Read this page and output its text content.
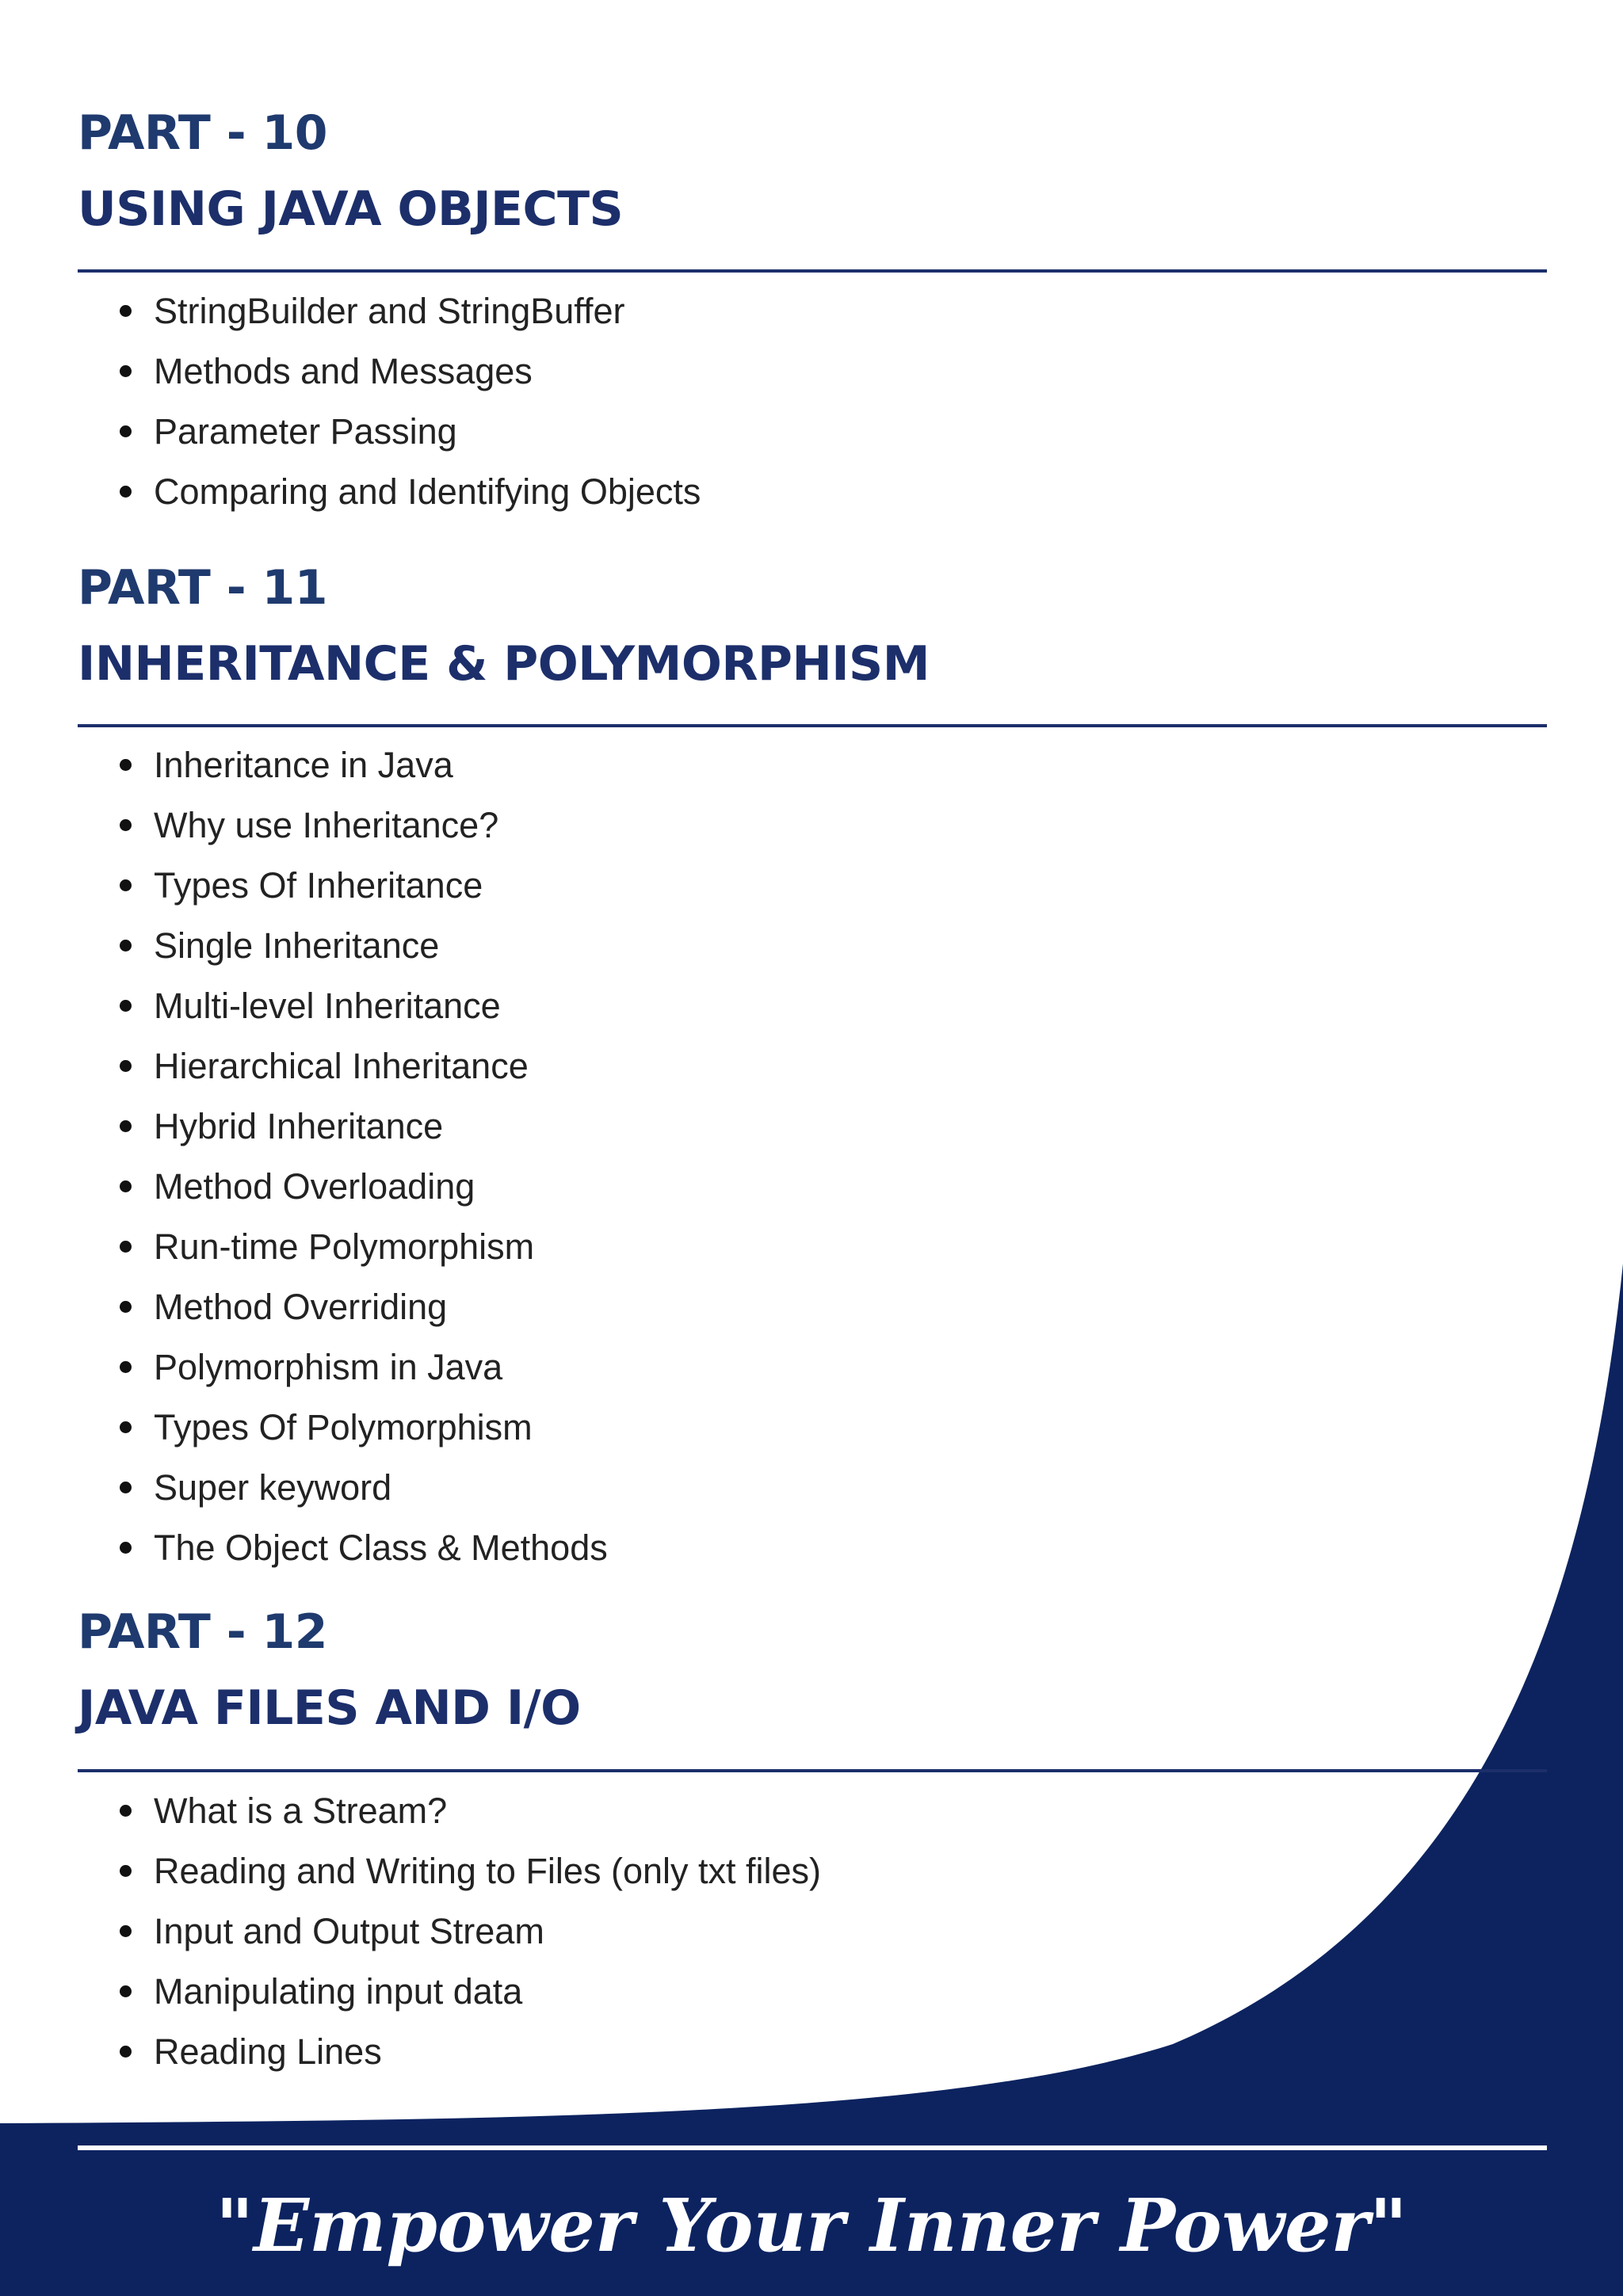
PART - 10
USING JAVA OBJECTS
StringBuilder and StringBuffer
Methods and Messages
Parameter Passing
Comparing and Identifying Objects
PART - 11
INHERITANCE & POLYMORPHISM
Inheritance in Java
Why use Inheritance?
Types Of Inheritance
Single Inheritance
Multi-level Inheritance
Hierarchical Inheritance
Hybrid Inheritance
Method Overloading
Run-time Polymorphism
Method Overriding
Polymorphism in Java
Types Of Polymorphism
Super keyword
The Object Class & Methods
PART - 12
JAVA FILES AND I/O
What is a Stream?
Reading and Writing to Files (only txt files)
Input and Output Stream
Manipulating input data
Reading Lines
"Empower Your Inner Power"
